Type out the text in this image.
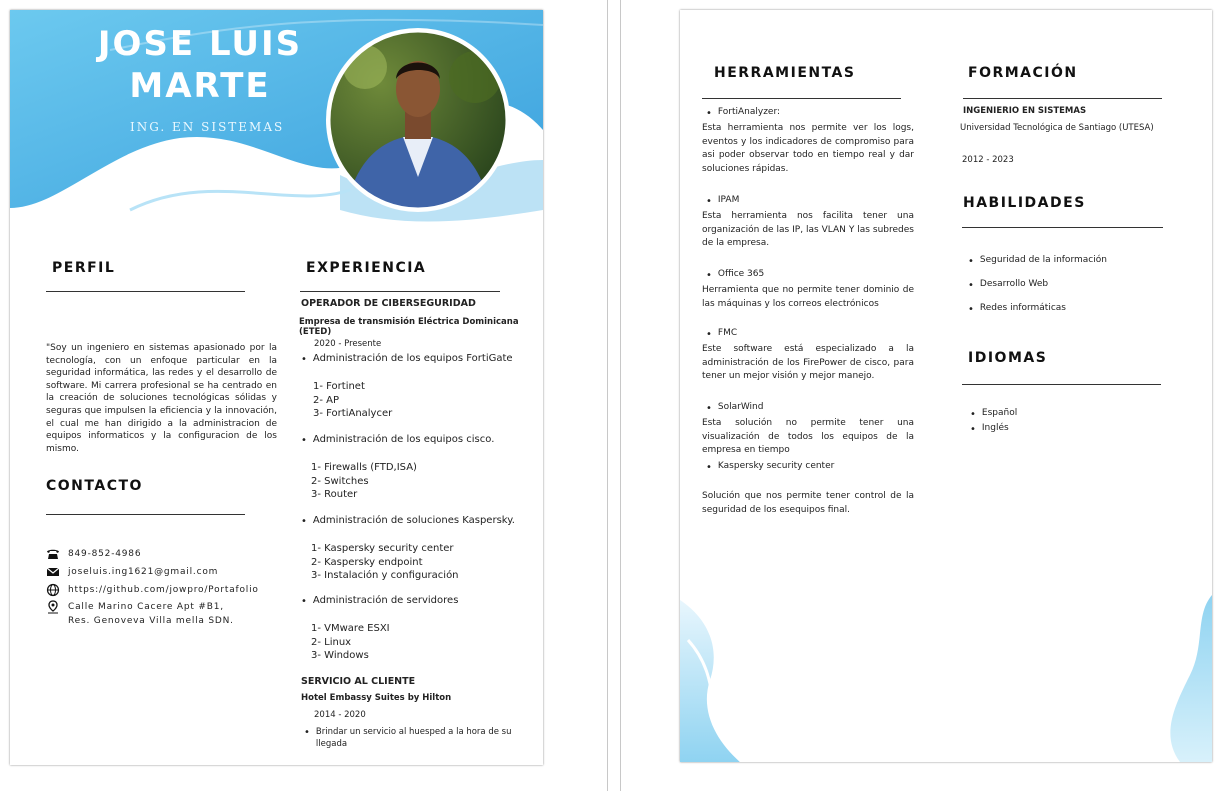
JOSE LUIS
MARTE
ING. EN SISTEMAS
PERFIL
"Soy un ingeniero en sistemas apasionado por la tecnología, con un enfoque particular en la seguridad informática, las redes y el desarrollo de software. Mi carrera profesional se ha centrado en la creación de soluciones tecnológicas sólidas y seguras que impulsen la eficiencia y la innovación, el cual me han dirigido a la administracion de equipos informaticos y la configuracion de los mismo.
CONTACTO
849-852-4986
joseluis.ing1621@gmail.com
https://github.com/jowpro/Portafolio
Calle Marino Cacere Apt #B1,
Res. Genoveva Villa mella SDN.
EXPERIENCIA
OPERADOR DE CIBERSEGURIDAD
Empresa de transmisión Eléctrica Dominicana (ETED)
2020 - Presente
• Administración de los equipos FortiGate
1- Fortinet
2- AP
3- FortiAnalycer
• Administración de los equipos cisco.
1- Firewalls (FTD,ISA)
2- Switches
3- Router
• Administración de soluciones Kaspersky.
1- Kaspersky security center
2- Kaspersky endpoint
3- Instalación y configuración
• Administración de servidores
1- VMware ESXI
2- Linux
3- Windows
SERVICIO AL CLIENTE
Hotel Embassy Suites by Hilton
2014 - 2020
• Brindar un servicio al huesped a la hora de su llegada
HERRAMIENTAS
• FortiAnalyzer:
Esta herramienta nos permite ver los logs, eventos y los indicadores de compromiso para asi poder observar todo en tiempo real y dar soluciones rápidas.
• IPAM
Esta herramienta nos facilita tener una organización de las IP, las VLAN Y las subredes de la empresa.
• Office 365
Herramienta que no permite tener dominio de las máquinas y los correos electrónicos
• FMC
Este software está especializado a la administración de los FirePower de cisco, para tener un mejor visión y mejor manejo.
• SolarWind
Esta solución no permite tener una visualización de todos los equipos de la empresa en tiempo
• Kaspersky security center
Solución que nos permite tener control de la seguridad de los esequipos final.
FORMACIÓN
INGENIERIO EN SISTEMAS
Universidad Tecnológica de Santiago (UTESA)
2012 - 2023
HABILIDADES
• Seguridad de la información
• Desarrollo Web
• Redes informáticas
IDIOMAS
• Español
• Inglés
